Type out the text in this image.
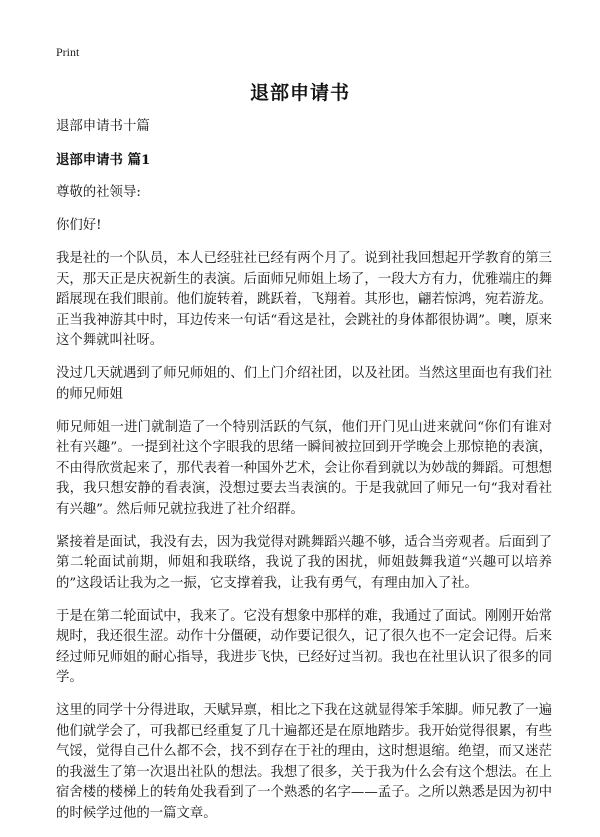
Print
退部申请书

退部申请书十篇

退部申请书 篇1

尊敬的社领导:

你们好!

我是社的一个队员，本人已经驻社已经有两个月了。说到社我回想起开学教育的第三天，那天正是庆祝新生的表演。后面师兄师姐上场了，一段大方有力，优雅端庄的舞蹈展现在我们眼前。他们旋转着，跳跃着，飞翔着。其形也，翩若惊鸿，宛若游龙。正当我神游其中时，耳边传来一句话“看这是社，会跳社的身体都很协调”。噢，原来这个舞就叫社呀。

没过几天就遇到了师兄师姐的、们上门介绍社团，以及社团。当然这里面也有我们社的师兄师姐

师兄师姐一进门就制造了一个特别活跃的气氛，他们开门见山进来就问“你们有谁对社有兴趣”。一提到社这个字眼我的思绪一瞬间被拉回到开学晚会上那惊艳的表演，不由得欣赏起来了，那代表着一种国外艺术，会让你看到就以为妙哉的舞蹈。可想想我，我只想安静的看表演，没想过要去当表演的。于是我就回了师兄一句“我对看社有兴趣”。然后师兄就拉我进了社介绍群。

紧接着是面试，我没有去，因为我觉得对跳舞蹈兴趣不够，适合当旁观者。后面到了第二轮面试前期，师姐和我联络，我说了我的困扰，师姐鼓舞我道“兴趣可以培养的”这段话让我为之一振，它支撑着我，让我有勇气，有理由加入了社。

于是在第二轮面试中，我来了。它没有想象中那样的难，我通过了面试。刚刚开始常规时，我还很生涩。动作十分僵硬，动作要记很久，记了很久也不一定会记得。后来经过师兄师姐的耐心指导，我进步飞快，已经好过当初。我也在社里认识了很多的同学。

这里的同学十分得进取，天赋异禀，相比之下我在这就显得笨手笨脚。师兄教了一遍他们就学会了，可我都已经重复了几十遍都还是在原地踏步。我开始觉得很累，有些气馁，觉得自己什么都不会，找不到存在于社的理由，这时想退缩。绝望，而又迷茫的我滋生了第一次退出社队的想法。我想了很多，关于我为什么会有这个想法。在上宿舍楼的楼梯上的转角处我看到了一个熟悉的名字——孟子。之所以熟悉是因为初中的时候学过他的一篇文章。
